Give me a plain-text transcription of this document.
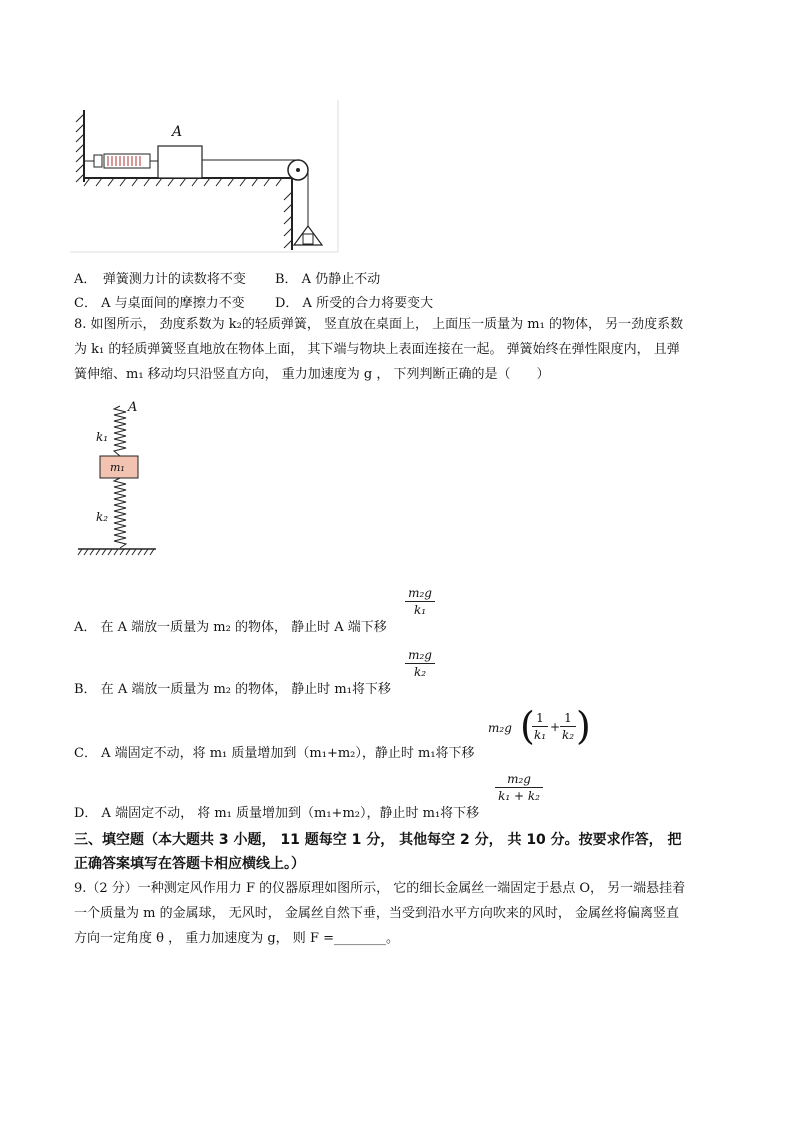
A
A．　弹簧测力计的读数将不变 B． A 仍静止不动
C． A 与桌面间的摩擦力不变 D． A 所受的合力将要变大
8. 如图所示， 劲度系数为 k₂的轻质弹簧， 竖直放在桌面上， 上面压一质量为 m₁ 的物体， 另一劲度系数
为 k₁ 的轻质弹簧竖直地放在物体上面， 其下端与物块上表面连接在一起。 弹簧始终在弹性限度内， 且弹
簧伸缩、m₁ 移动均只沿竖直方向， 重力加速度为 g ， 下列判断正确的是（　　）
A
k₁
m₁
k₂
A． 在 A 端放一质量为 m₂ 的物体， 静止时 A 端下移
m₂g
k₁
B． 在 A 端放一质量为 m₂ 的物体， 静止时 m₁将下移
m₂g
k₂
C． A 端固定不动，将 m₁ 质量增加到（m₁+m₂），静止时 m₁将下移
m₂g ( 1
k₁
+
1
k₂ )
D． A 端固定不动， 将 m₁ 质量增加到（m₁+m₂），静止时 m₁将下移
m₂g
k₁ + k₂
三、填空题（本大题共 3 小题， 11 题每空 1 分， 其他每空 2 分， 共 10 分。按要求作答， 把
正确答案填写在答题卡相应横线上。）
9.（2 分）一种测定风作用力 F 的仪器原理如图所示， 它的细长金属丝一端固定于悬点 O， 另一端悬挂着
一个质量为 m 的金属球， 无风时， 金属丝自然下垂，当受到沿水平方向吹来的风时， 金属丝将偏离竖直
方向一定角度 θ ， 重力加速度为 g， 则 F =________。
